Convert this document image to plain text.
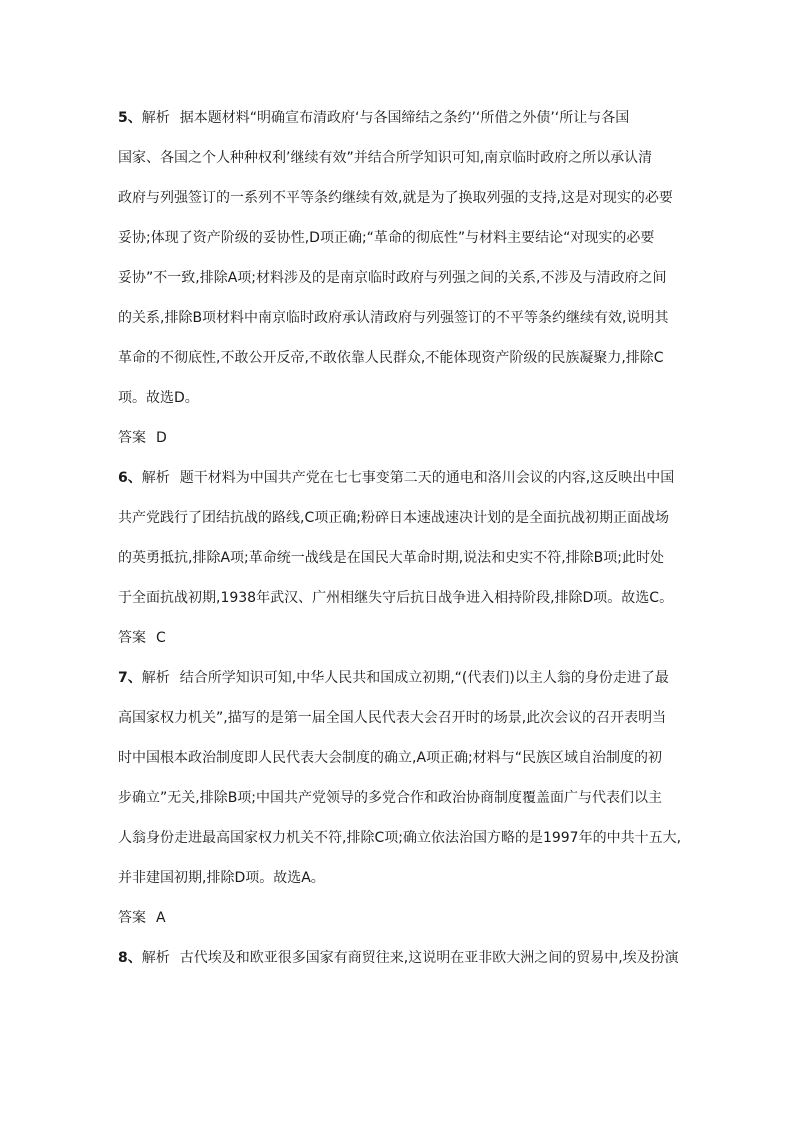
5、解析 据本题材料“明确宣布清政府‘与各国缔结之条约’‘所借之外债’‘所让与各国
国家、各国之个人种种权利’继续有效”并结合所学知识可知,南京临时政府之所以承认清
政府与列强签订的一系列不平等条约继续有效,就是为了换取列强的支持,这是对现实的必要
妥协;体现了资产阶级的妥协性,D项正确;“革命的彻底性”与材料主要结论“对现实的必要
妥协”不一致,排除A项;材料涉及的是南京临时政府与列强之间的关系,不涉及与清政府之间
的关系,排除B项材料中南京临时政府承认清政府与列强签订的不平等条约继续有效,说明其
革命的不彻底性,不敢公开反帝,不敢依靠人民群众,不能体现资产阶级的民族凝聚力,排除C
项。故选D。
答案 D
6、解析 题干材料为中国共产党在七七事变第二天的通电和洛川会议的内容,这反映出中国
共产党践行了团结抗战的路线,C项正确;粉碎日本速战速决计划的是全面抗战初期正面战场
的英勇抵抗,排除A项;革命统一战线是在国民大革命时期,说法和史实不符,排除B项;此时处
于全面抗战初期,1938年武汉、广州相继失守后抗日战争进入相持阶段,排除D项。故选C。
答案 C
7、解析 结合所学知识可知,中华人民共和国成立初期,“(代表们)以主人翁的身份走进了最
高国家权力机关”,描写的是第一届全国人民代表大会召开时的场景,此次会议的召开表明当
时中国根本政治制度即人民代表大会制度的确立,A项正确;材料与“民族区域自治制度的初
步确立”无关,排除B项;中国共产党领导的多党合作和政治协商制度覆盖面广与代表们以主
人翁身份走进最高国家权力机关不符,排除C项;确立依法治国方略的是1997年的中共十五大,
并非建国初期,排除D项。故选A。
答案 A
8、解析 古代埃及和欧亚很多国家有商贸往来,这说明在亚非欧大洲之间的贸易中,埃及扮演
